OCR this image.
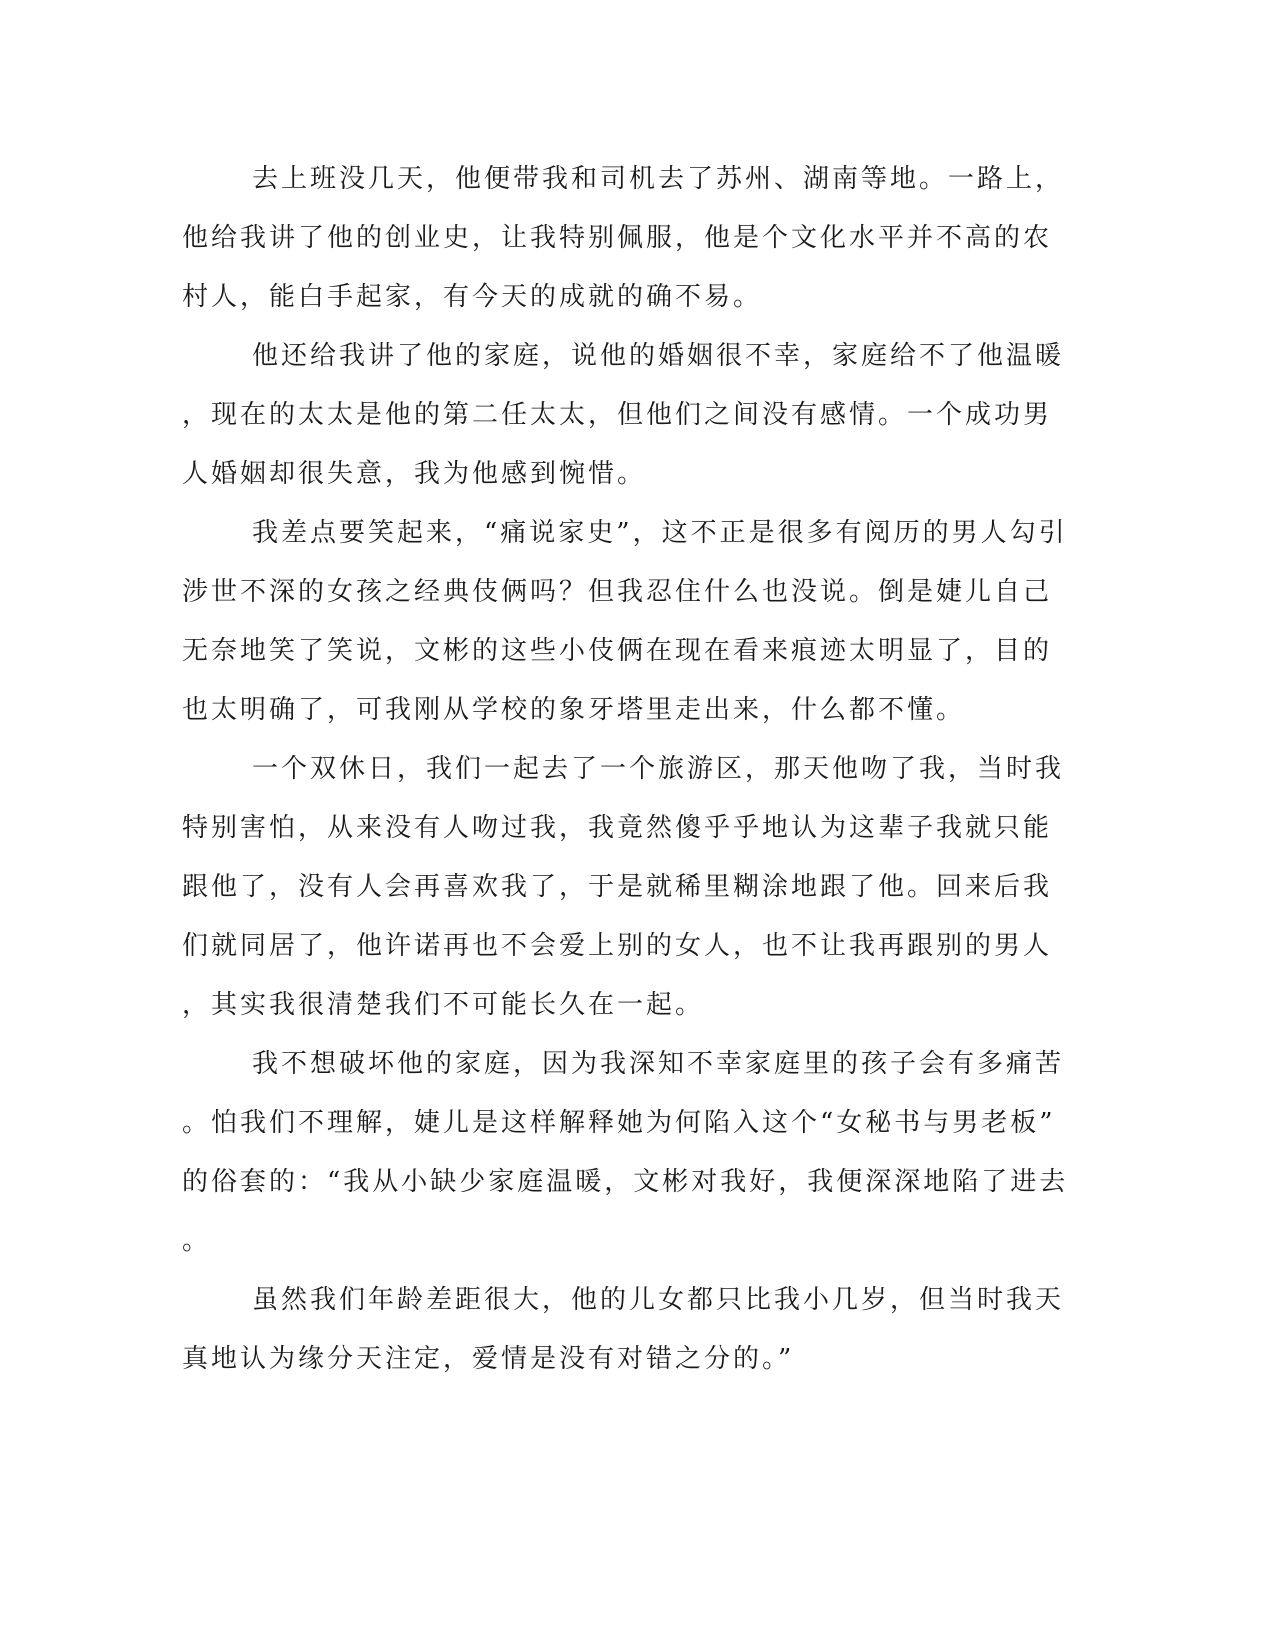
去上班没几天，他便带我和司机去了苏州、湖南等地。一路上，
他给我讲了他的创业史，让我特别佩服，他是个文化水平并不高的农
村人，能白手起家，有今天的成就的确不易。

他还给我讲了他的家庭，说他的婚姻很不幸，家庭给不了他温暖
，现在的太太是他的第二任太太，但他们之间没有感情。一个成功男
人婚姻却很失意，我为他感到惋惜。

我差点要笑起来，“痛说家史”，这不正是很多有阅历的男人勾引
涉世不深的女孩之经典伎俩吗？但我忍住什么也没说。倒是婕儿自己
无奈地笑了笑说，文彬的这些小伎俩在现在看来痕迹太明显了，目的
也太明确了，可我刚从学校的象牙塔里走出来，什么都不懂。

一个双休日，我们一起去了一个旅游区，那天他吻了我，当时我
特别害怕，从来没有人吻过我，我竟然傻乎乎地认为这辈子我就只能
跟他了，没有人会再喜欢我了，于是就稀里糊涂地跟了他。回来后我
们就同居了，他许诺再也不会爱上别的女人，也不让我再跟别的男人
，其实我很清楚我们不可能长久在一起。

我不想破坏他的家庭，因为我深知不幸家庭里的孩子会有多痛苦
。怕我们不理解，婕儿是这样解释她为何陷入这个“女秘书与男老板”
的俗套的：“我从小缺少家庭温暖，文彬对我好，我便深深地陷了进去
。

虽然我们年龄差距很大，他的儿女都只比我小几岁，但当时我天
真地认为缘分天注定，爱情是没有对错之分的。”
